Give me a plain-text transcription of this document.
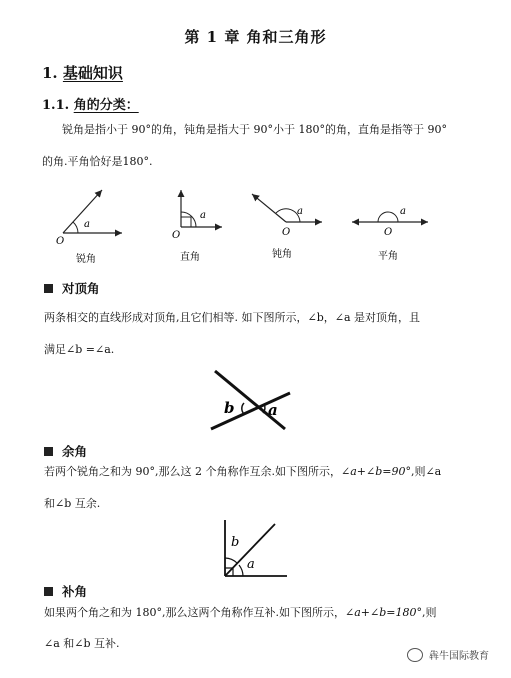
第 1 章 角和三角形
1. 基础知识
1.1. 角的分类：
锐角是指小于 90°的角，钝角是指大于 90°小于 180°的角，直角是指等于 90°
的角.平角恰好是180°.
O
a
锐角
O
a
直角
O
a
钝角
O
a
平角
对顶角
两条相交的直线形成对顶角,且它们相等. 如下图所示，∠b，∠a 是对顶角，且
满足∠b =∠a.
b a
余角
若两个锐角之和为 90°,那么这 2 个角称作互余.如下图所示，∠a+∠b=90°,则∠a
和∠b 互余.
b
a
补角
如果两个角之和为 180°,那么这两个角称作互补.如下图所示，∠a+∠b=180°,则
∠a 和∠b 互补.
犇牛国际教育
